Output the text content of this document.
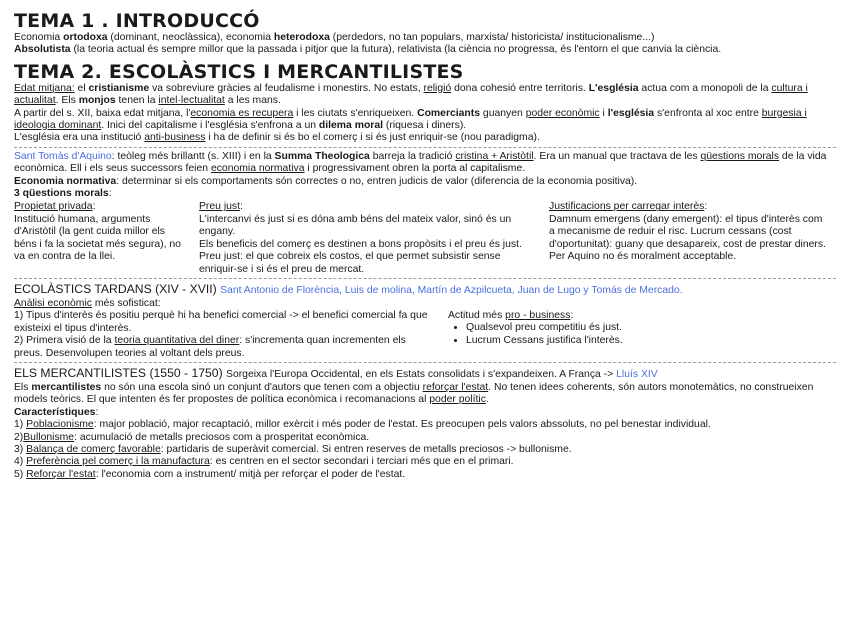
TEMA 1 . INTRODUCCÓ

Economia ortodoxa (dominant, neoclàssica), economia heterodoxa (perdedors, no tan populars, marxista/ historicista/ institucionalisme...)

Absolutista (la teoria actual és sempre millor que la passada i pitjor que la futura), relativista (la ciència no progressa, és l'entorn el que canvia la ciència.

TEMA 2. ESCOLÀSTICS I MERCANTILISTES

Edat mitjana: el cristianisme va sobreviure gràcies al feudalisme i monestirs. No estats, religió dona cohesió entre territoris. L'església actua com a monopoli de la cultura i actualitat. Els monjos tenen la intel·lectualitat a les mans.

A partir del s. XII, baixa edat mitjana, l'economia es recupera i les ciutats s'enriqueixen. Comerciants guanyen poder econòmic i l'església s'enfronta al xoc entre burgesia i ideologia dominant. Inici del capitalisme i l'església s'enfrona a un dilema moral (riquesa i diners).

L'església era una institució anti-business i ha de definir si és bo el comerç i si és just enriquir-se (nou paradigma).

Sant Tomàs d'Aquino: teòleg més brillantt (s. XIII) i en la Summa Theologica barreja la tradició cristina + Aristòtil. Era un manual que tractava de les qüestions morals de la vida econòmica. Ell i els seus successors feien economia normativa i progressivament obren la porta al capitalisme.

Economia normativa: determinar si els comportaments són correctes o no, entren judicis de valor (diferencia de la economia positiva).

3 qüestions morals:

Propietat privada:

Institució humana, arguments d'Aristòtil (la gent cuida millor els béns i fa la societat més segura), no va en contra de la llei.

Preu just:

L'intercanvi és just si es dóna amb béns del mateix valor, sinó és un engany.

Els beneficis del comerç es destinen a bons propòsits i el preu és just.

Preu just: el que cobreix els costos, el que permet subsistir sense enriquir-se i si és el preu de mercat.

Justificacions per carregar interès:

Damnum emergens (dany emergent): el tipus d'interès com a mecanisme de reduir el risc. Lucrum cessans (cost d'oportunitat): guany que desapareix, cost de prestar diners. Per Aquino no és moralment acceptable.

ECOLÀSTICS TARDANS (XIV - XVII) Sant Antonio de Florència, Luis de molina, Martín de Azpilcueta, Juan de Lugo y Tomás de Mercado.

Anàlisi econòmic més sofisticat:

1) Tipus d'interès és positiu perquè hi ha benefici comercial -> el benefici comercial fa que existeixi el tipus d'interès.

2) Primera visió de la teoria quantitativa del diner: s'incrementa quan incrementen els preus. Desenvolupen teories al voltant dels preus.

Actitud més pro - business:

• Qualsevol preu competitiu és just.
• Lucrum Cessans justifica l'interès.

ELS MERCANTILISTES (1550 - 1750) Sorgeixa l'Europa Occidental, en els Estats consolidats i s'expandeixen. A França -> Lluís XIV

Els mercantilistes no són una escola sinó un conjunt d'autors que tenen com a objectiu reforçar l'estat. No tenen idees coherents, són autors monotemàtics, no construeixen models teòrics. El que intenten és fer propostes de política econòmica i recomanacions al poder polític.

Característiques:

1) Poblacionisme: major població, major recaptació, millor exèrcit i més poder de l'estat. Es preocupen pels valors abssoluts, no pel benestar individual.

2)Bullonisme: acumulació de metalls preciosos com a prosperitat econòmica.

3) Balança de comerç favorable: partidaris de superàvit comercial. Si entren reserves de metalls preciosos -> bullonisme.

4) Preferència pel comerç i la manufactura: es centren en el sector secondari i terciari més que en el primari.

5) Reforçar l'estat: l'economia com a instrument/ mitjà per reforçar el poder de l'estat.
